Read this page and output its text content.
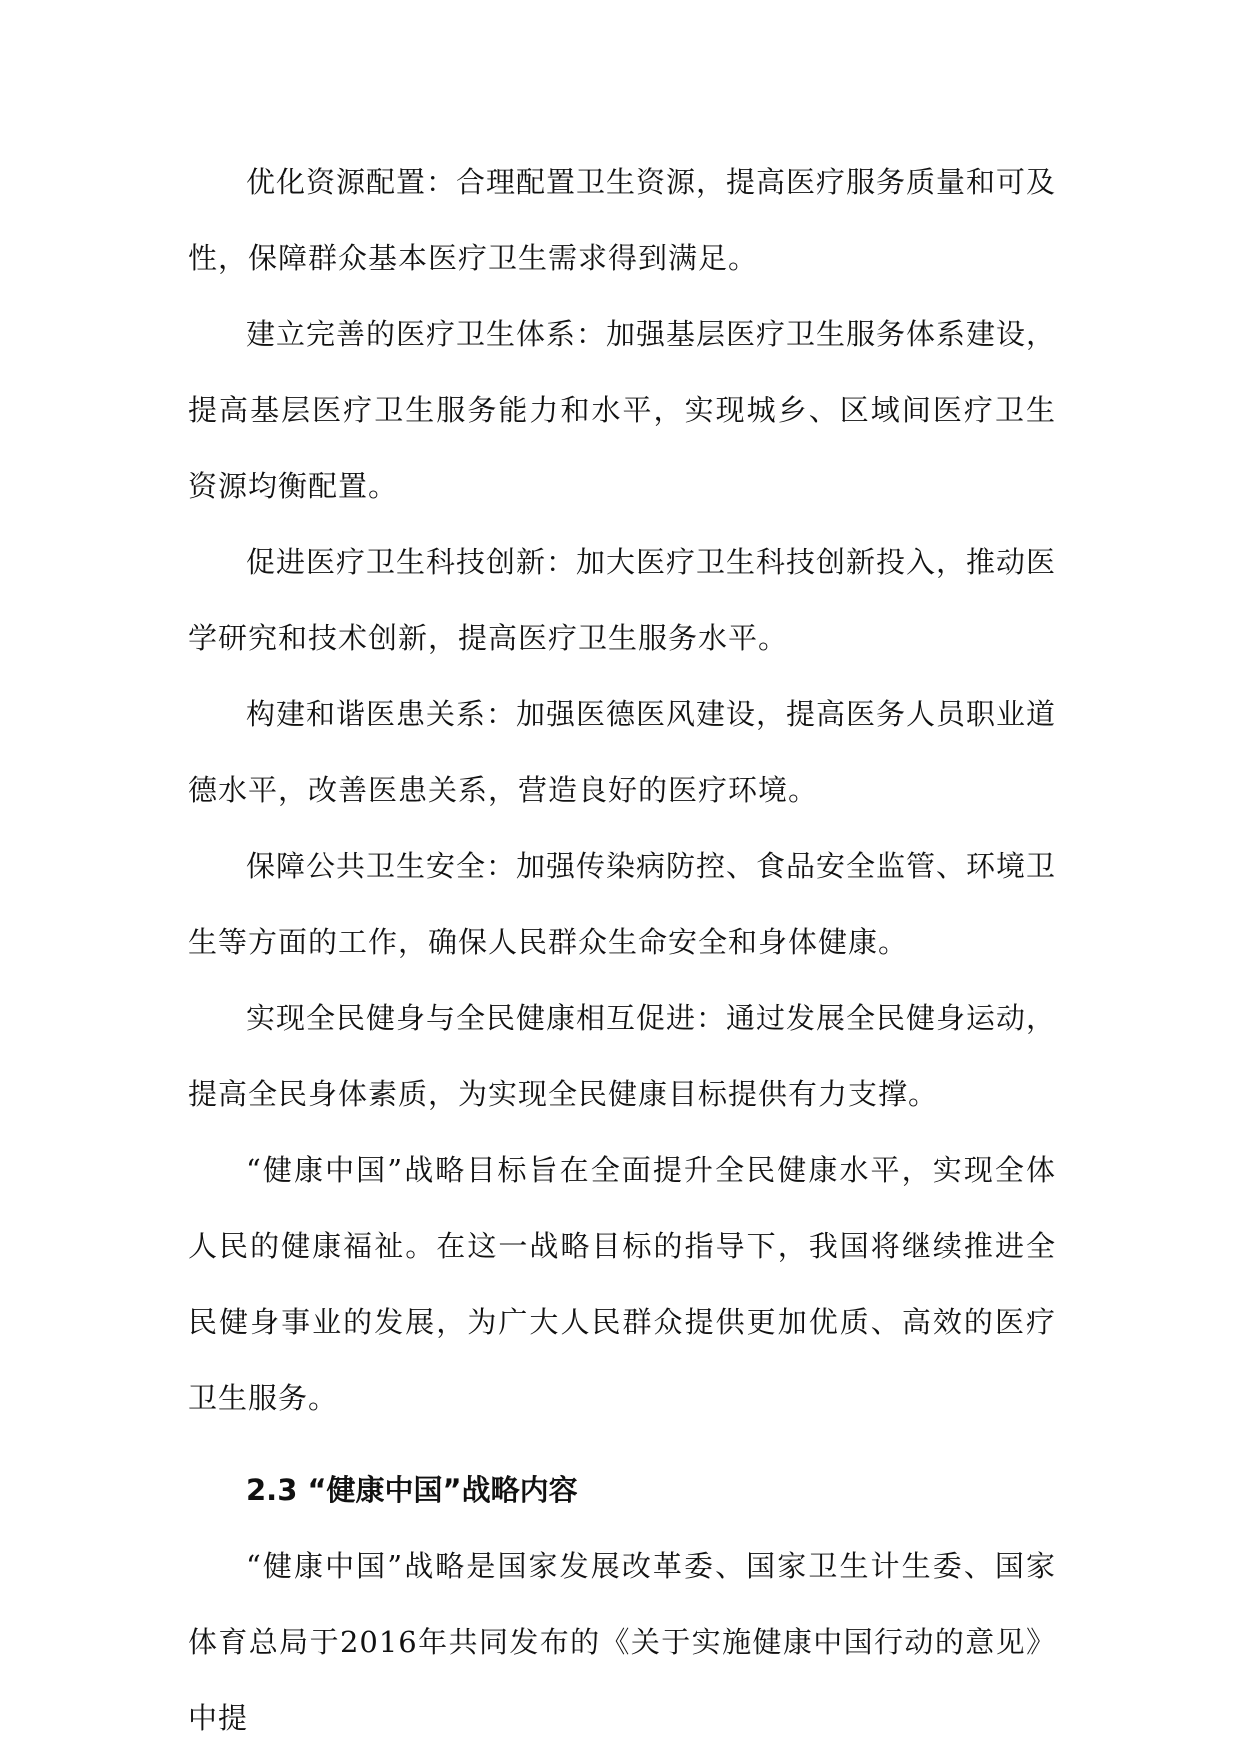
优化资源配置：合理配置卫生资源，提高医疗服务质量和可及性，保障群众基本医疗卫生需求得到满足。

建立完善的医疗卫生体系：加强基层医疗卫生服务体系建设，提高基层医疗卫生服务能力和水平，实现城乡、区域间医疗卫生资源均衡配置。

促进医疗卫生科技创新：加大医疗卫生科技创新投入，推动医学研究和技术创新，提高医疗卫生服务水平。

构建和谐医患关系：加强医德医风建设，提高医务人员职业道德水平，改善医患关系，营造良好的医疗环境。

保障公共卫生安全：加强传染病防控、食品安全监管、环境卫生等方面的工作，确保人民群众生命安全和身体健康。

实现全民健身与全民健康相互促进：通过发展全民健身运动，提高全民身体素质，为实现全民健康目标提供有力支撑。

“健康中国”战略目标旨在全面提升全民健康水平，实现全体人民的健康福祉。在这一战略目标的指导下，我国将继续推进全民健身事业的发展，为广大人民群众提供更加优质、高效的医疗卫生服务。

2.3 “健康中国”战略内容

“健康中国”战略是国家发展改革委、国家卫生计生委、国家体育总局于2016年共同发布的《关于实施健康中国行动的意见》中提
